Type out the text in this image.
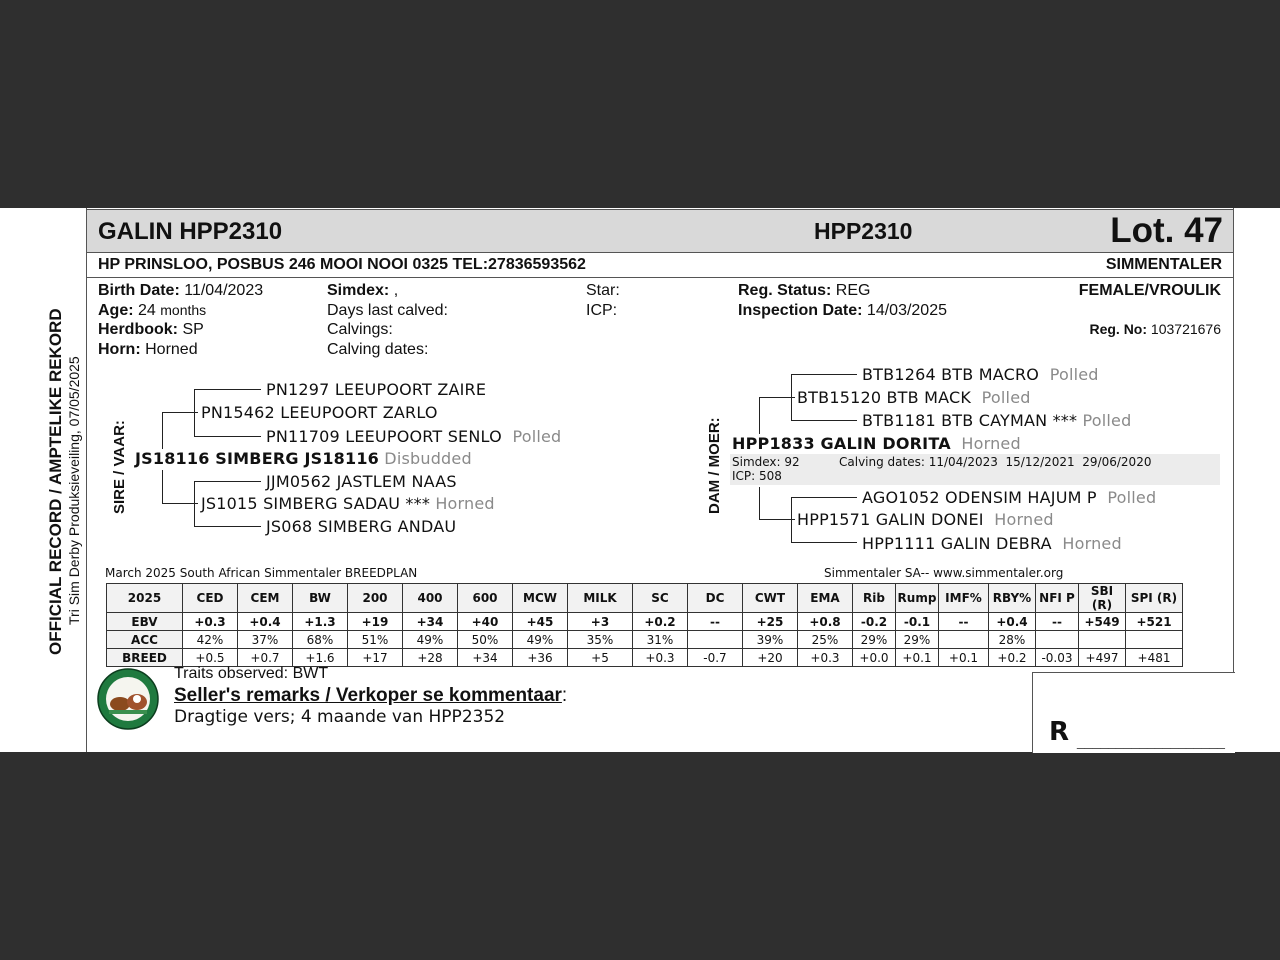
GALIN HPP2310	HPP2310	Lot. 47
HP PRINSLOO, POSBUS 246 MOOI NOOI 0325 TEL:27836593562	SIMMENTALER
OFFICIAL RECORD / AMPTELIKE REKORD Tri Sim Derby Produksieveiling, 07/05/2025
Birth Date: 11/04/2023
Age: 24 months
Herdbook: SP
Horn: Horned
Simdex: ,
Days last calved:
Calvings:
Calving dates:
Star:
ICP:
Reg. Status: REG
Inspection Date: 14/03/2025
FEMALE/VROULIK
Reg. No: 103721676
SIRE / VAAR:
PN1297 LEEUPOORT ZAIRE
PN15462 LEEUPOORT ZARLO
PN11709 LEEUPOORT SENLO Polled
JS18116 SIMBERG JS18116 Disbudded
JJM0562 JASTLEM NAAS
JS1015 SIMBERG SADAU *** Horned
JS068 SIMBERG ANDAU
DAM / MOER:
BTB1264 BTB MACRO Polled
BTB15120 BTB MACK Polled
BTB1181 BTB CAYMAN *** Polled
HPP1833 GALIN DORITA Horned
Simdex: 92	Calving dates: 11/04/2023  15/12/2021  29/06/2020
ICP: 508
AGO1052 ODENSIM HAJUM P Polled
HPP1571 GALIN DONEI Horned
HPP1111 GALIN DEBRA Horned
March 2025 South African Simmentaler BREEDPLAN	Simmentaler SA-- www.simmentaler.org
2025	CED	CEM	BW	200	400	600	MCW	MILK	SC	DC	CWT	EMA	Rib	Rump	IMF%	RBY%	NFI P	SBI (R)	SPI (R)
EBV	+0.3	+0.4	+1.3	+19	+34	+40	+45	+3	+0.2	--	+25	+0.8	-0.2	-0.1	--	+0.4	--	+549	+521
ACC	42%	37%	68%	51%	49%	50%	49%	35%	31%		39%	25%	29%	29%		28%			
BREED	+0.5	+0.7	+1.6	+17	+28	+34	+36	+5	+0.3	-0.7	+20	+0.3	+0.0	+0.1	+0.1	+0.2	-0.03	+497	+481
Traits observed: BWT
Seller's remarks / Verkoper se kommentaar:
Dragtige vers; 4 maande van HPP2352	R ___________________
